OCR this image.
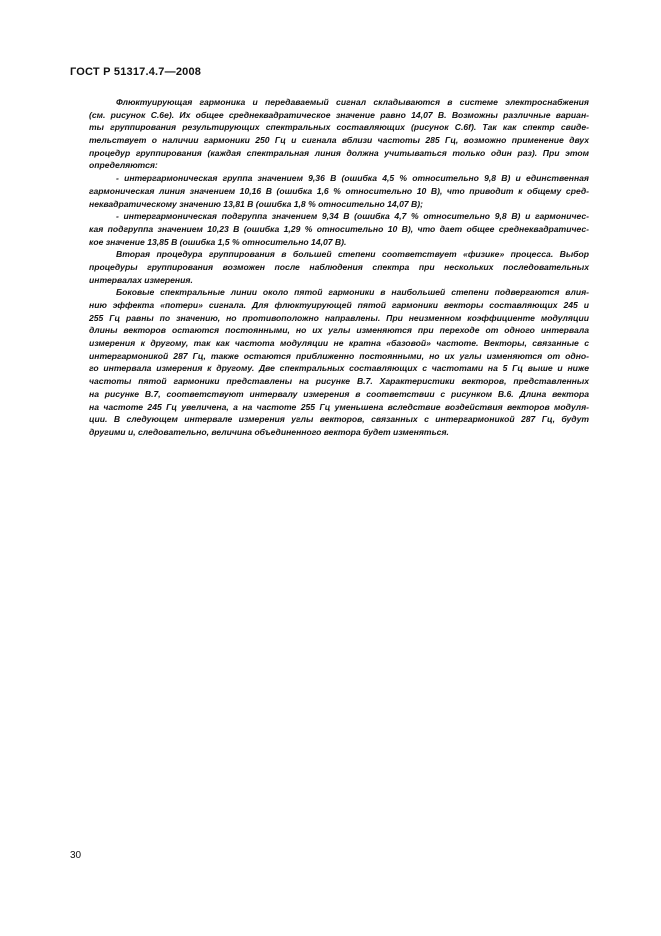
ГОСТ Р 51317.4.7—2008
Флюктуирующая гармоника и передаваемый сигнал складываются в системе электроснабжения
(см. рисунок С.6е). Их общее среднеквадратическое значение равно 14,07 В. Возможны различные вариан-
ты группирования результирующих спектральных составляющих (рисунок С.6f). Так как спектр свиде-
тельствует о наличии гармоники 250 Гц и сигнала вблизи частоты 285 Гц, возможно применение двух
процедур группирования (каждая спектральная линия должна учитываться только один раз). При этом
определяются:
- интергармоническая группа значением 9,36 В (ошибка 4,5 % относительно 9,8 В) и единственная
гармоническая линия значением 10,16 В (ошибка 1,6 % относительно 10 В), что приводит к общему сред-
неквадратическому значению 13,81 В (ошибка 1,8 % относительно 14,07 В);
- интергармоническая подгруппа значением 9,34 В (ошибка 4,7 % относительно 9,8 В) и гармоничес-
кая подгруппа значением 10,23 В (ошибка 1,29 % относительно 10 В), что дает общее среднеквадратичес-
кое значение 13,85 В (ошибка 1,5 % относительно 14,07 В).
Вторая процедура группирования в большей степени соответствует «физике» процесса. Выбор
процедуры группирования возможен после наблюдения спектра при нескольких последовательных
интервалах измерения.
Боковые спектральные линии около пятой гармоники в наибольшей степени подвергаются влия-
нию эффекта «потери» сигнала. Для флюктуирующей пятой гармоники векторы составляющих 245 и
255 Гц равны по значению, но противоположно направлены. При неизменном коэффициенте модуляции
длины векторов остаются постоянными, но их углы изменяются при переходе от одного интервала
измерения к другому, так как частота модуляции не кратна «базовой» частоте. Векторы, связанные с
интергармоникой 287 Гц, также остаются приближенно постоянными, но их углы изменяются от одно-
го интервала измерения к другому. Две спектральных составляющих с частотами на 5 Гц выше и ниже
частоты пятой гармоники представлены на рисунке В.7. Характеристики векторов, представленных
на рисунке В.7, соответствуют интервалу измерения в соответствии с рисунком В.6. Длина вектора
на частоте 245 Гц увеличена, а на частоте 255 Гц уменьшена вследствие воздействия векторов модуля-
ции. В следующем интервале измерения углы векторов, связанных с интергармоникой 287 Гц, будут
другими и, следовательно, величина объединенного вектора будет изменяться.
30
